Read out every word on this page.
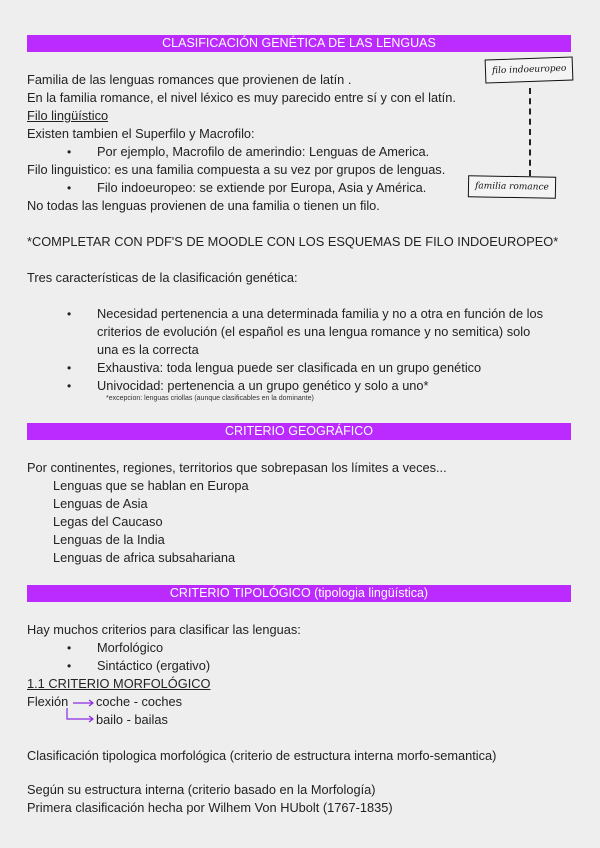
CLASIFICACIÓN GENÉTICA DE LAS LENGUAS
Familia de las lenguas romances que provienen de latín .
En la familia romance, el nivel léxico es muy parecido entre sí y con el latín.
Filo lingüístico
Existen tambien el Superfilo y Macrofilo:
• Por ejemplo, Macrofilo de amerindio: Lenguas de America.
Filo linguistico: es una familia compuesta a su vez por grupos de lenguas.
• Filo indoeuropeo: se extiende por Europa, Asia y América.
No todas las lenguas provienen de una familia o tienen un filo.
*COMPLETAR CON PDF'S DE MOODLE CON LOS ESQUEMAS DE FILO INDOEUROPEO*
Tres características de la clasificación genética:
• Necesidad pertenencia a una determinada familia y no a otra en función de los
criterios de evolución (el español es una lengua romance y no semitica) solo
una es la correcta
• Exhaustiva: toda lengua puede ser clasificada en un grupo genético
• Univocidad: pertenencia a un grupo genético y solo a uno*
*excepcion: lenguas criollas (aunque clasificables en la dominante)
filo indoeuropeo
familia romance
CRITERIO GEOGRÁFICO
Por continentes, regiones, territorios que sobrepasan los límites a veces...
Lenguas que se hablan en Europa
Lenguas de Asia
Legas del Caucaso
Lenguas de la India
Lenguas de africa subsahariana
CRITERIO TIPOLÓGICO (tipologia lingüística)
Hay muchos criterios para clasificar las lenguas:
• Morfológico
• Sintáctico (ergativo)
1.1 CRITERIO MORFOLÓGICO
Flexión coche - coches
bailo - bailas
Clasificación tipologica morfológica (criterio de estructura interna morfo-semantica)
Según su estructura interna (criterio basado en la Morfología)
Primera clasificación hecha por Wilhem Von HUbolt (1767-1835)
